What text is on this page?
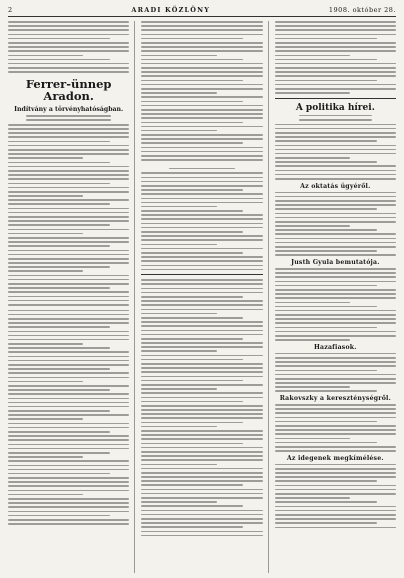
2	ARADI KÖZLÖNY	1908. október 28.
Ferrer-ünnep Aradon.
Indítvány a törvényhatóságban.	A politika hírei.
Az oktatás ügyéről.
Justh Gyula bemutatója.
Hazafiasok.
Rakovszky a kereszténységről.
Az idegenek megkímélése.
